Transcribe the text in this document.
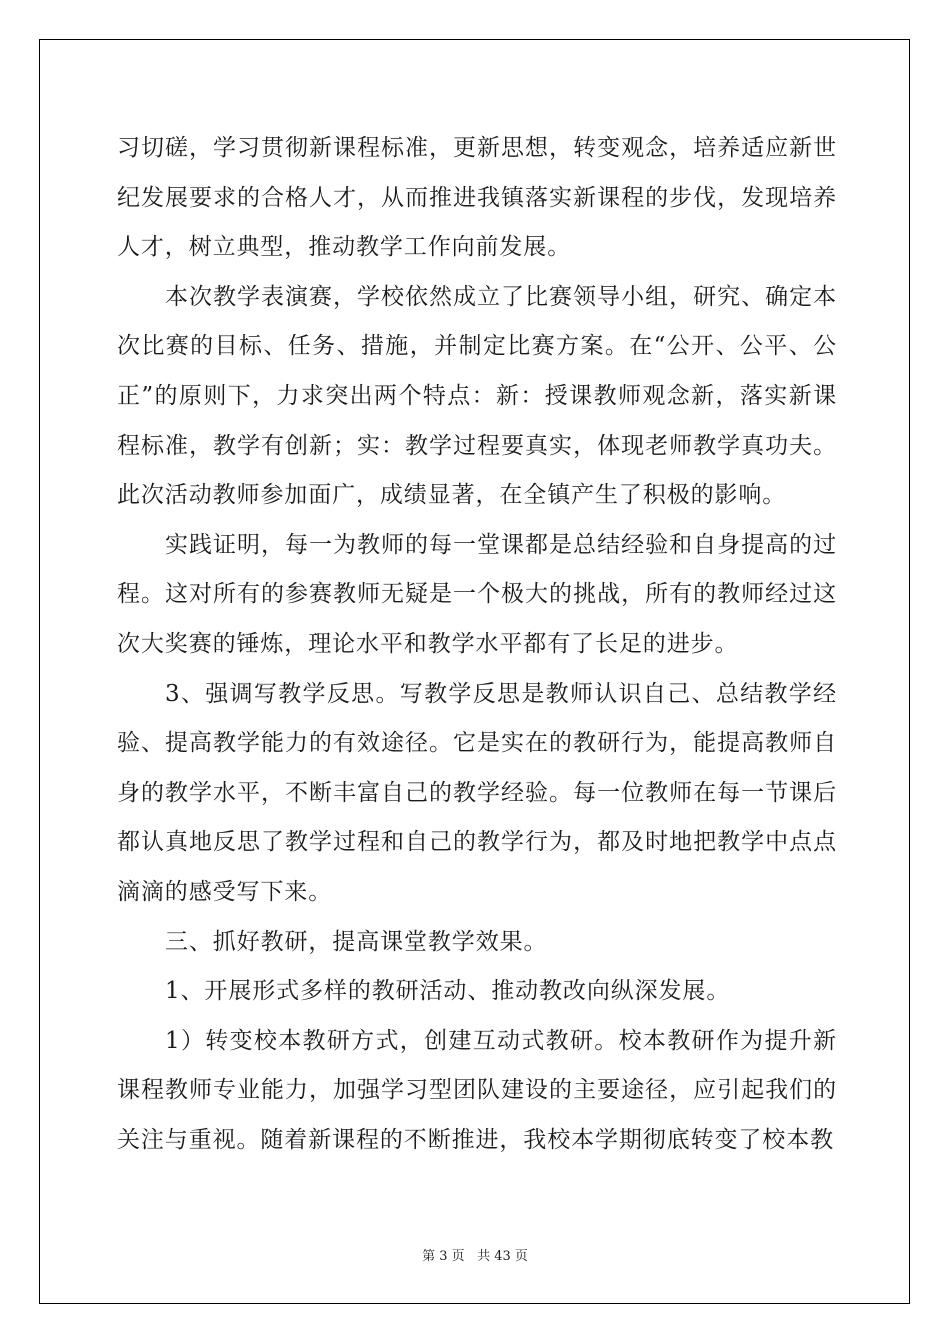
习切磋，学习贯彻新课程标准，更新思想，转变观念，培养适应新世纪发展要求的合格人才，从而推进我镇落实新课程的步伐，发现培养人才，树立典型，推动教学工作向前发展。

本次教学表演赛，学校依然成立了比赛领导小组，研究、确定本次比赛的目标、任务、措施，并制定比赛方案。在“公开、公平、公正”的原则下，力求突出两个特点：新：授课教师观念新，落实新课程标准，教学有创新；实：教学过程要真实，体现老师教学真功夫。此次活动教师参加面广，成绩显著，在全镇产生了积极的影响。

实践证明，每一为教师的每一堂课都是总结经验和自身提高的过程。这对所有的参赛教师无疑是一个极大的挑战，所有的教师经过这次大奖赛的锤炼，理论水平和教学水平都有了长足的进步。

3、强调写教学反思。写教学反思是教师认识自己、总结教学经验、提高教学能力的有效途径。它是实在的教研行为，能提高教师自身的教学水平，不断丰富自己的教学经验。每一位教师在每一节课后都认真地反思了教学过程和自己的教学行为，都及时地把教学中点点滴滴的感受写下来。

三、抓好教研，提高课堂教学效果。

1、开展形式多样的教研活动、推动教改向纵深发展。

1）转变校本教研方式，创建互动式教研。校本教研作为提升新课程教师专业能力，加强学习型团队建设的主要途径，应引起我们的关注与重视。随着新课程的不断推进，我校本学期彻底转变了校本教

第 3 页 共 43 页
